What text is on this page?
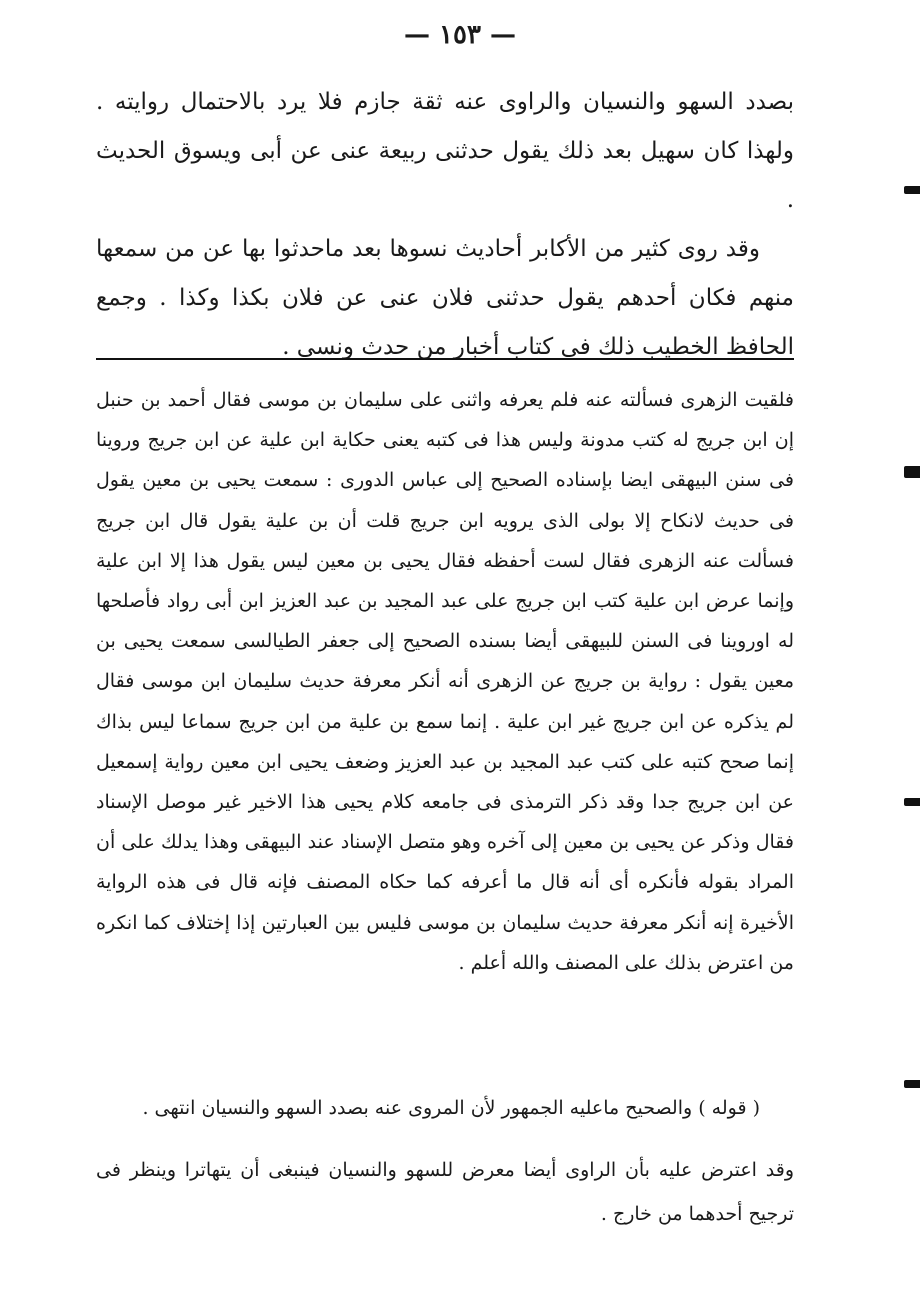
— ١٥٣ —

بصدد السهو والنسيان والراوى عنه ثقة جازم فلا يرد بالاحتمال روايته . ولهذا كان سهيل بعد ذلك يقول حدثنى ربيعة عنى عن أبى ويسوق الحديث .

وقد روى كثير من الأكابر أحاديث نسوها بعد ماحدثوا بها عن من سمعها منهم فكان أحدهم يقول حدثنى فلان عنى عن فلان بكذا وكذا . وجمع الحافظ الخطيب ذلك فى كتاب أخبار من حدث ونسى .

فلقيت الزهرى فسألته عنه فلم يعرفه واثنى على سليمان بن موسى فقال أحمد بن حنبل إن ابن جريج له كتب مدونة وليس هذا فى كتبه يعنى حكاية ابن علية عن ابن جريج وروينا فى سنن البيهقى ايضا بإسناده الصحيح إلى عباس الدورى : سمعت يحيى بن معين يقول فى حديث لانكاح إلا بولى الذى يرويه ابن جريج قلت أن بن علية يقول قال ابن جريج فسألت عنه الزهرى فقال لست أحفظه فقال يحيى بن معين ليس يقول هذا إلا ابن علية وإنما عرض ابن علية كتب ابن جريج على عبد المجيد بن عبد العزيز ابن أبى رواد فأصلحها له اوروينا فى السنن للبيهقى أيضا بسنده الصحيح إلى جعفر الطيالسى سمعت يحيى بن معين يقول : رواية بن جريج عن الزهرى أنه أنكر معرفة حديث سليمان ابن موسى فقال لم يذكره عن ابن جريج غير ابن علية . إنما سمع بن علية من ابن جريج سماعا ليس بذاك إنما صحح كتبه على كتب عبد المجيد بن عبد العزيز وضعف يحيى ابن معين رواية إسمعيل عن ابن جريج جدا وقد ذكر الترمذى فى جامعه كلام يحيى هذا الاخير غير موصل الإسناد فقال وذكر عن يحيى بن معين إلى آخره وهو متصل الإسناد عند البيهقى وهذا يدلك على أن المراد بقوله فأنكره أى أنه قال ما أعرفه كما حكاه المصنف فإنه قال فى هذه الرواية الأخيرة إنه أنكر معرفة حديث سليمان بن موسى فليس بين العبارتين إذا إختلاف كما انكره من اعترض بذلك على المصنف والله أعلم .

( قوله ) والصحيح ماعليه الجمهور لأن المروى عنه بصدد السهو والنسيان انتهى .

وقد اعترض عليه بأن الراوى أيضا معرض للسهو والنسيان فينبغى أن يتهاترا وينظر فى ترجيح أحدهما من خارج .
